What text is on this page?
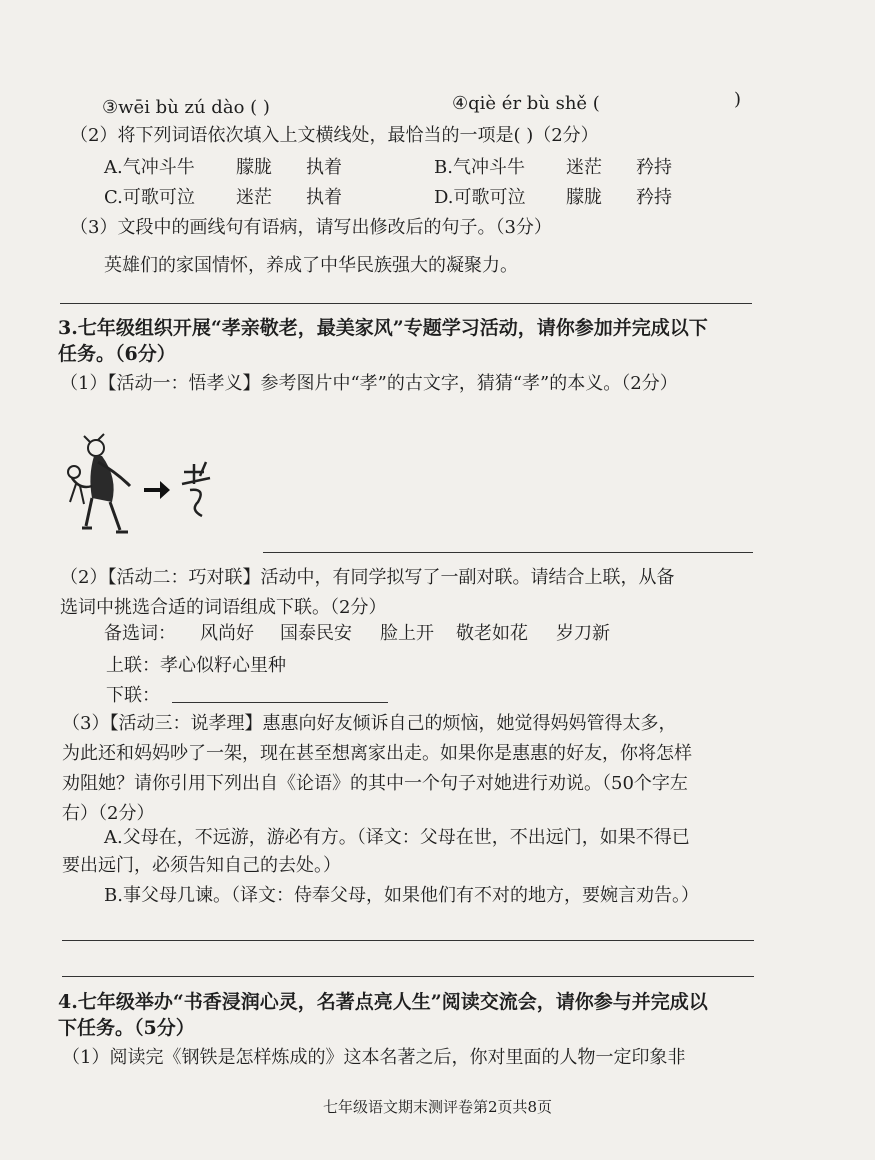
③wēi bù zú dào ( )	④qiè ér bù shě (	)
（2）将下列词语依次填入上文横线处，最恰当的一项是( )（2分）
A.气冲斗牛 朦胧 执着	B.气冲斗牛 迷茫 矜持
C.可歌可泣 迷茫 执着	D.可歌可泣 朦胧 矜持
（3）文段中的画线句有语病，请写出修改后的句子。（3分）
英雄们的家国情怀，养成了中华民族强大的凝聚力。
3.七年级组织开展“孝亲敬老，最美家风”专题学习活动，请你参加并完成以下
任务。（6分）
（1）【活动一：悟孝义】参考图片中“孝”的古文字，猜猜“孝”的本义。（2分）
（2）【活动二：巧对联】活动中，有同学拟写了一副对联。请结合上联，从备
选词中挑选合适的词语组成下联。（2分）
备选词： 风尚好 国泰民安 脸上开 敬老如花 岁刀新
上联：孝心似籽心里种
下联：
（3）【活动三：说孝理】惠惠向好友倾诉自己的烦恼，她觉得妈妈管得太多，
为此还和妈妈吵了一架，现在甚至想离家出走。如果你是惠惠的好友，你将怎样
劝阻她？请你引用下列出自《论语》的其中一个句子对她进行劝说。（50个字左
右）（2分）
A.父母在，不远游，游必有方。（译文：父母在世，不出远门，如果不得已
要出远门，必须告知自己的去处。）
B.事父母几谏。（译文：侍奉父母，如果他们有不对的地方，要婉言劝告。）
4.七年级举办“书香浸润心灵，名著点亮人生”阅读交流会，请你参与并完成以
下任务。（5分）
（1）阅读完《钢铁是怎样炼成的》这本名著之后，你对里面的人物一定印象非
七年级语文期末测评卷第2页共8页
